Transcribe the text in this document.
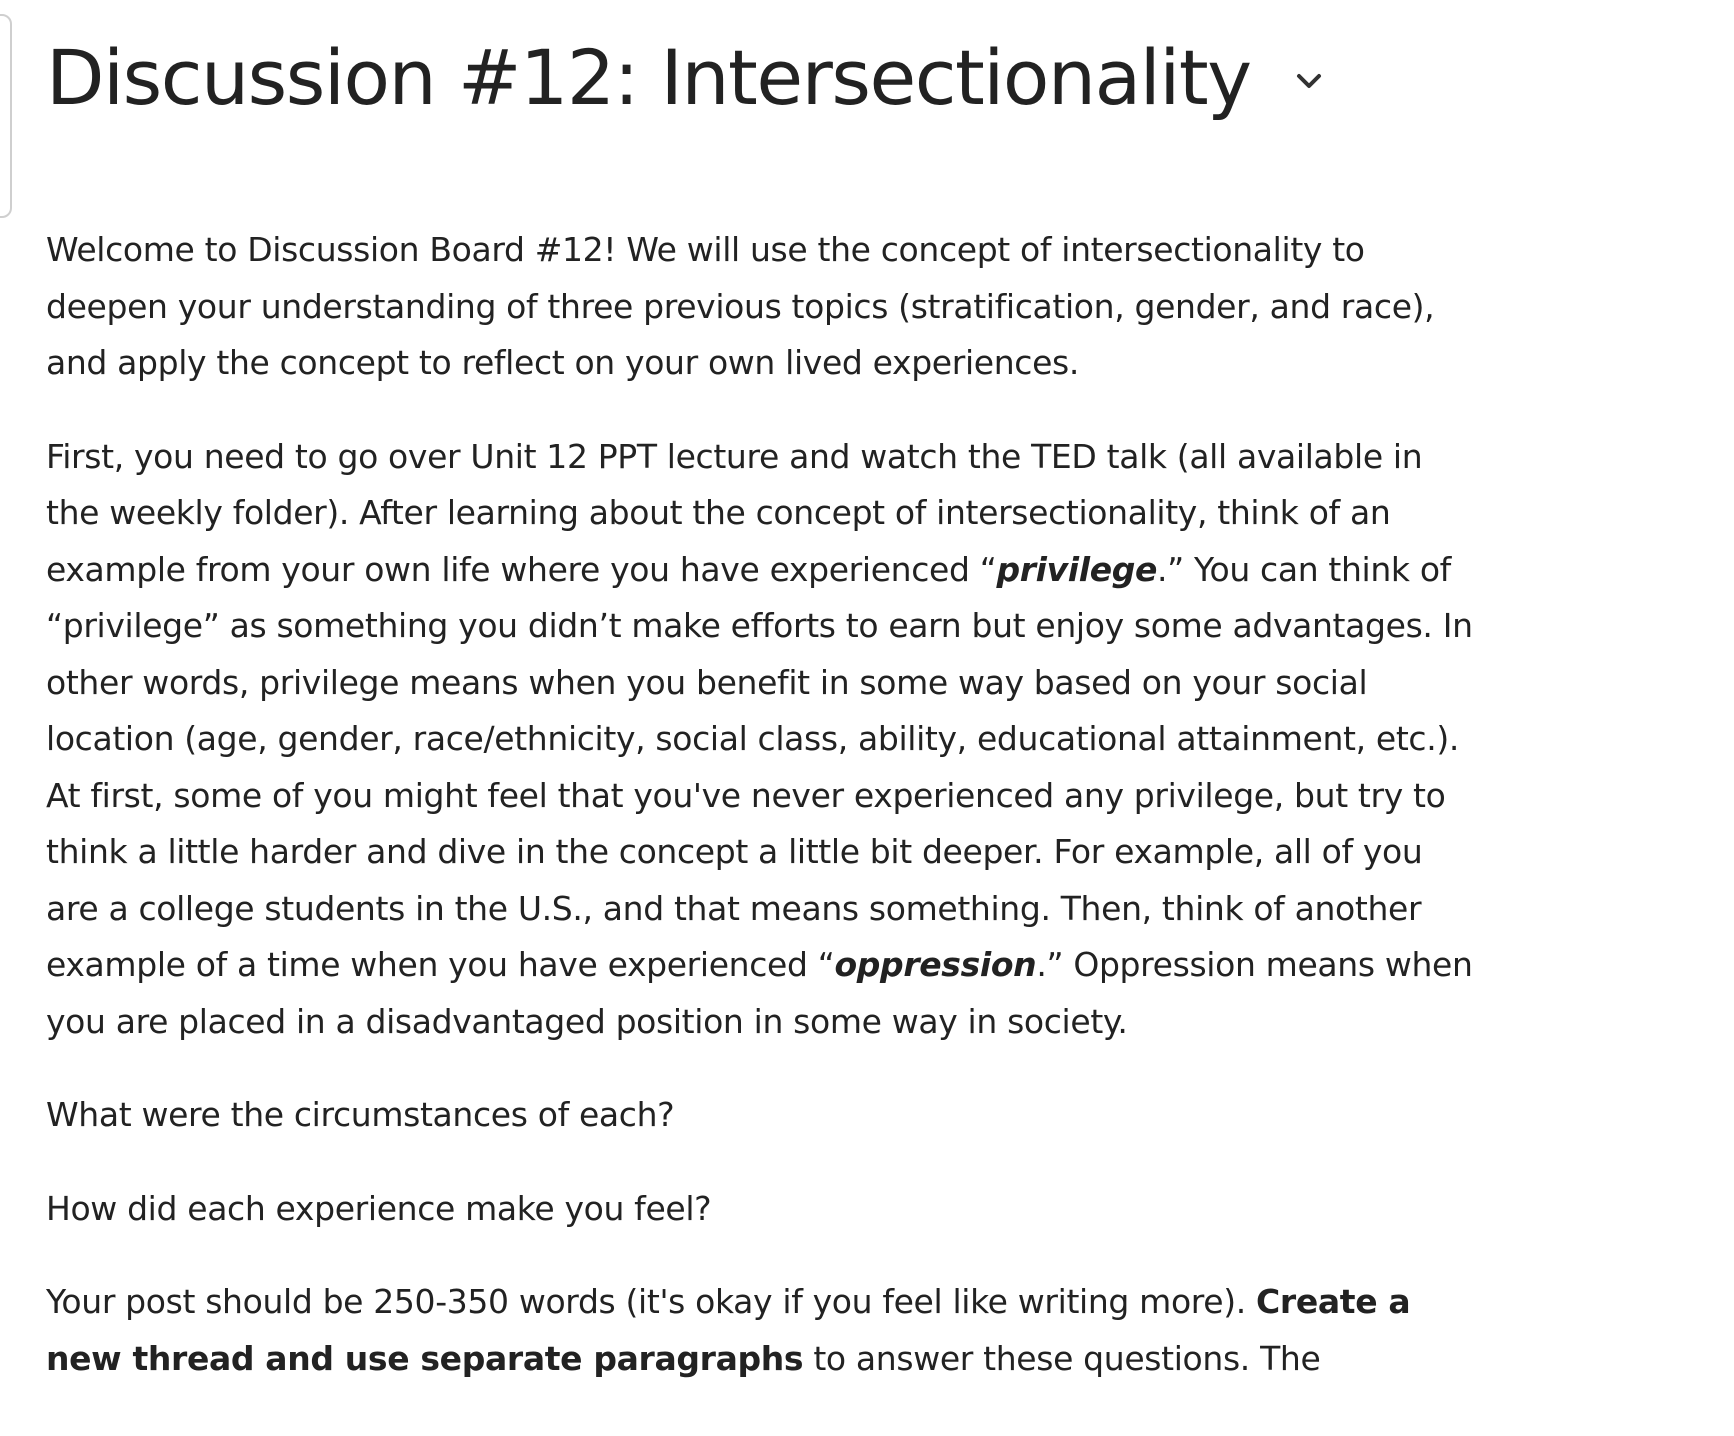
Discussion #12: Intersectionality

Welcome to Discussion Board #12! We will use the concept of intersectionality to deepen your understanding of three previous topics (stratification, gender, and race), and apply the concept to reflect on your own lived experiences.

First, you need to go over Unit 12 PPT lecture and watch the TED talk (all available in the weekly folder). After learning about the concept of intersectionality, think of an example from your own life where you have experienced “privilege.” You can think of “privilege” as something you didn’t make efforts to earn but enjoy some advantages. In other words, privilege means when you benefit in some way based on your social location (age, gender, race/ethnicity, social class, ability, educational attainment, etc.). At first, some of you might feel that you've never experienced any privilege, but try to think a little harder and dive in the concept a little bit deeper. For example, all of you are a college students in the U.S., and that means something. Then, think of another example of a time when you have experienced “oppression.” Oppression means when you are placed in a disadvantaged position in some way in society.

What were the circumstances of each?

How did each experience make you feel?

Your post should be 250-350 words (it's okay if you feel like writing more). Create a new thread and use separate paragraphs to answer these questions. The
